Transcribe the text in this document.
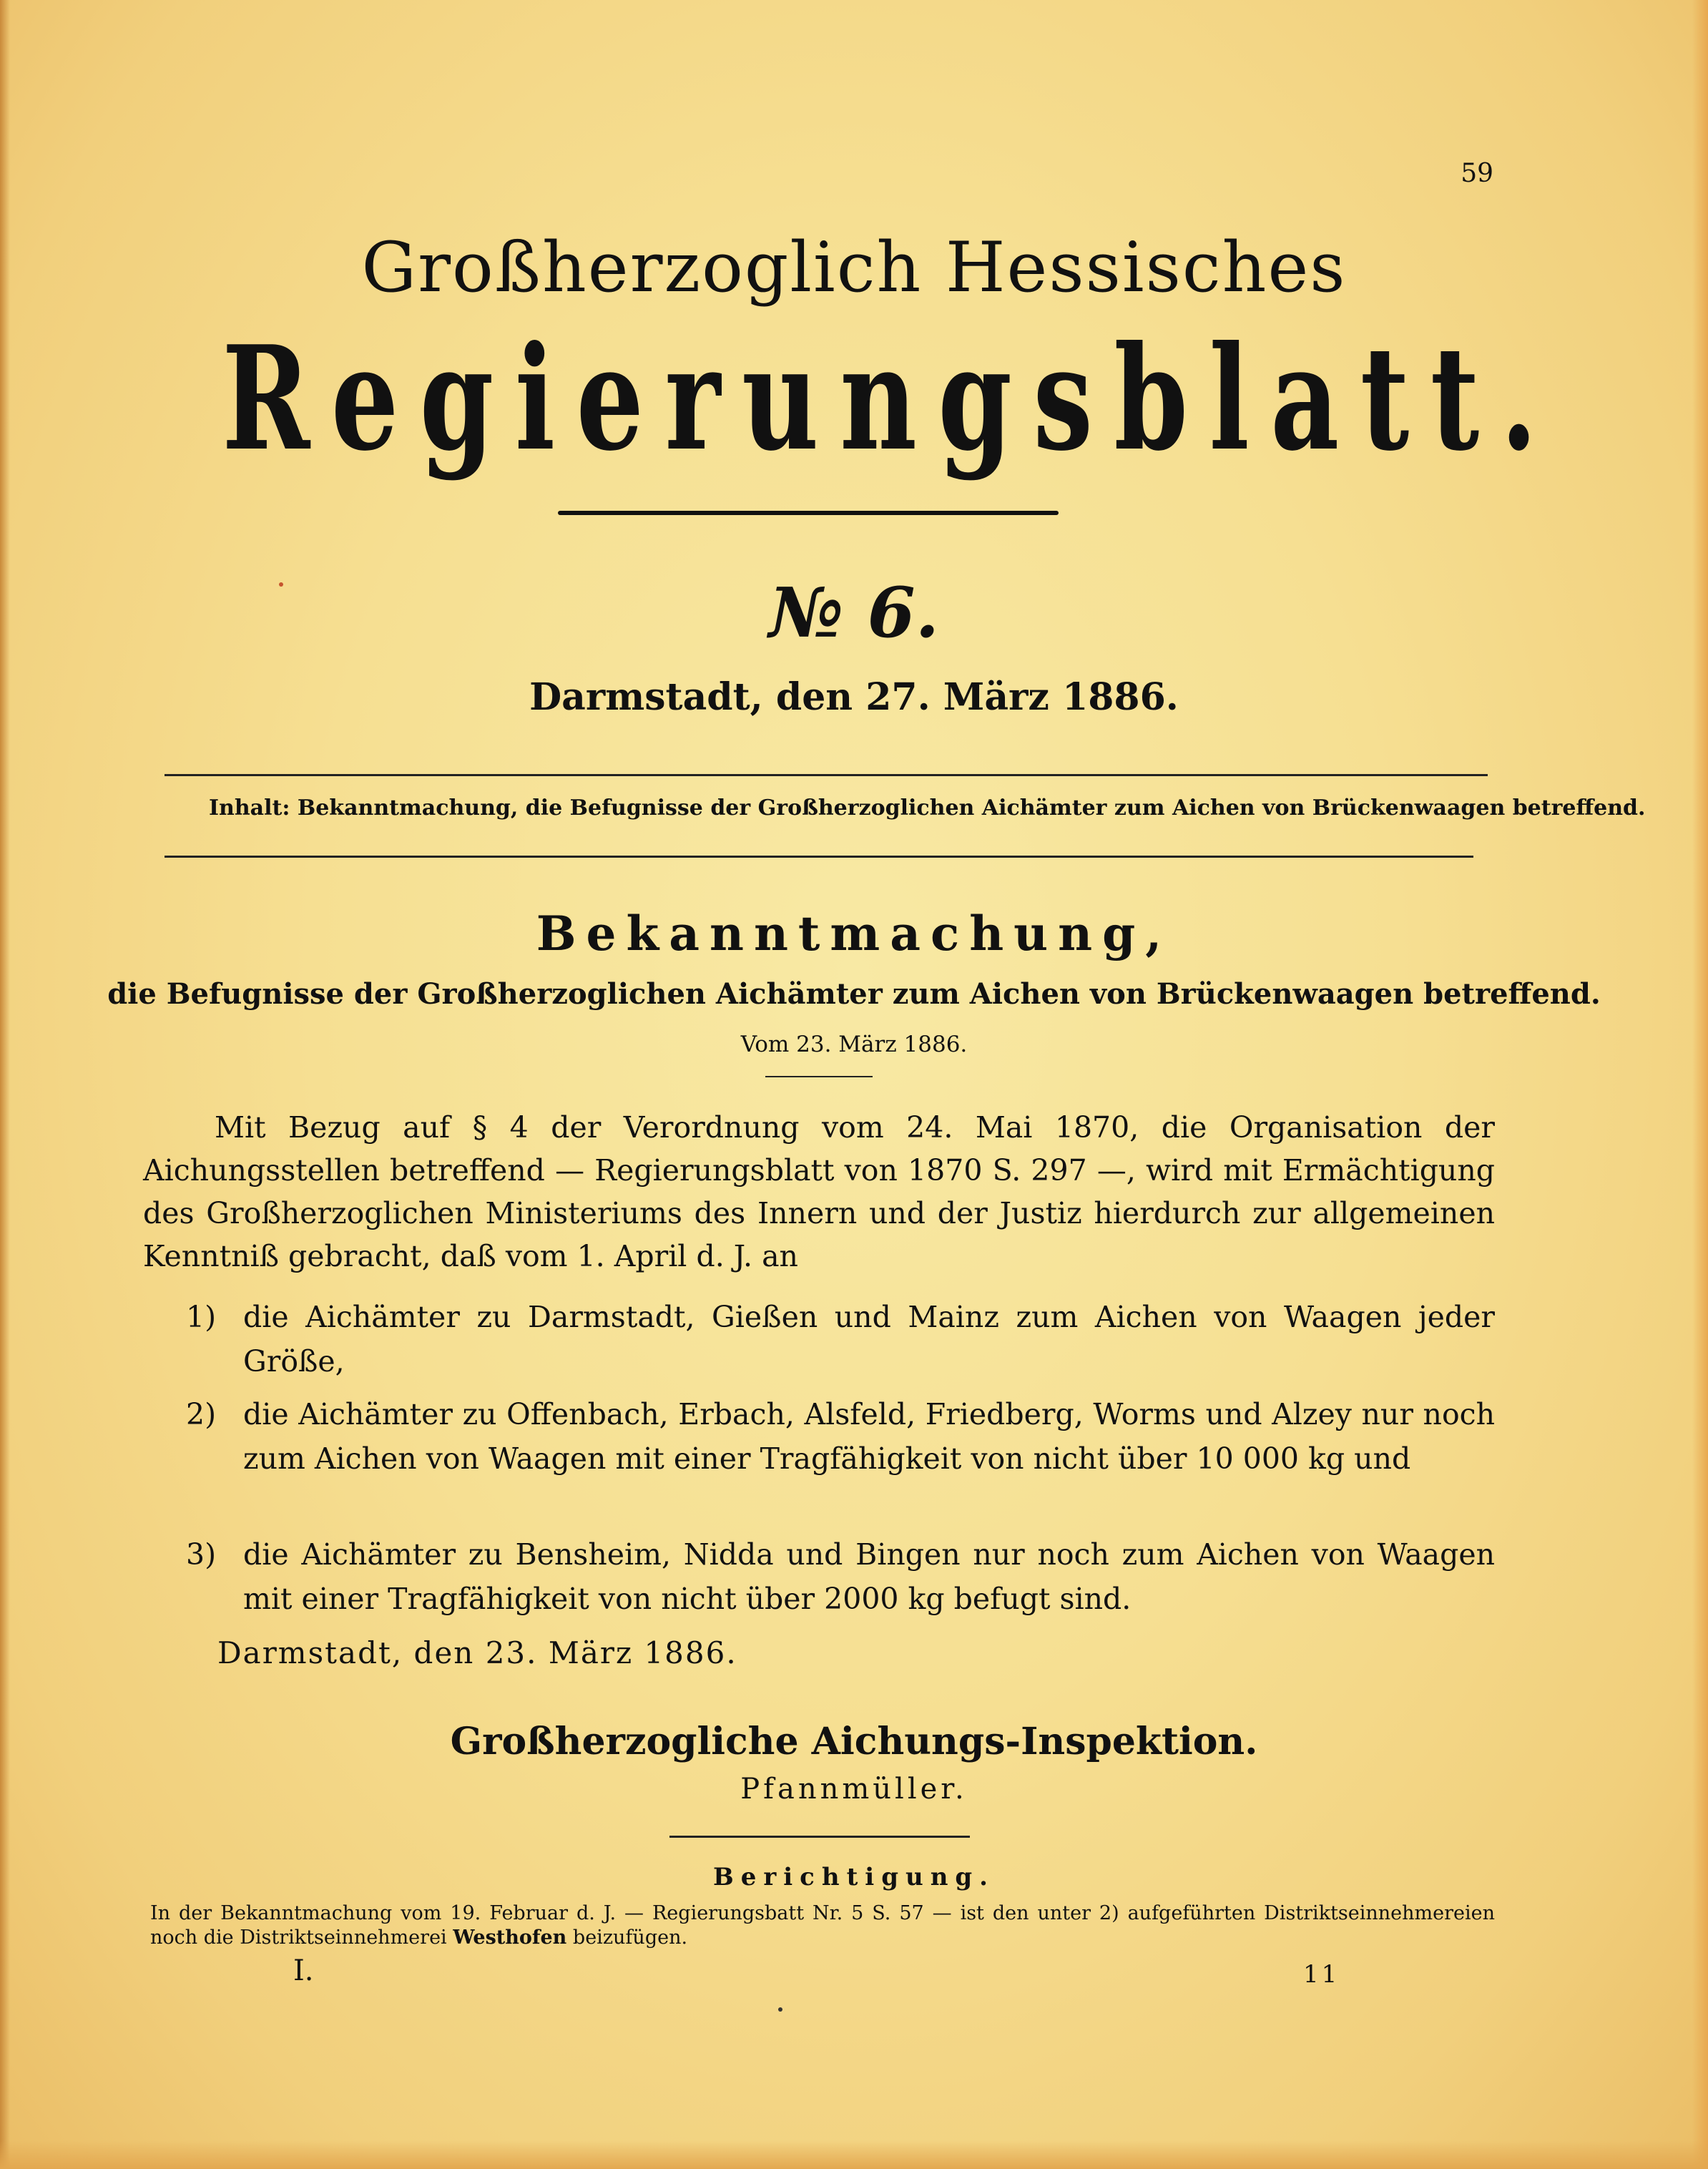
59
Großherzoglich Hessisches
Regierungsblatt.
№ 6.
Darmstadt, den 27. März 1886.
Inhalt: Bekanntmachung, die Befugnisse der Großherzoglichen Aichämter zum Aichen von Brückenwaagen betreffend.
Bekanntmachung,
die Befugnisse der Großherzoglichen Aichämter zum Aichen von Brückenwaagen betreffend.
Vom 23. März 1886.
Mit Bezug auf § 4 der Verordnung vom 24. Mai 1870, die Organisation der Aichungsstellen betreffend — Regierungsblatt von 1870 S. 297 —, wird mit Ermächtigung des Großherzoglichen Ministeriums des Innern und der Justiz hierdurch zur allgemeinen Kenntniß gebracht, daß vom 1. April d. J. an
1) die Aichämter zu Darmstadt, Gießen und Mainz zum Aichen von Waagen jeder Größe,
2) die Aichämter zu Offenbach, Erbach, Alsfeld, Friedberg, Worms und Alzey nur noch zum Aichen von Waagen mit einer Tragfähigkeit von nicht über 10 000 kg und
3) die Aichämter zu Bensheim, Nidda und Bingen nur noch zum Aichen von Waagen mit einer Tragfähigkeit von nicht über 2000 kg befugt sind.
Darmstadt, den 23. März 1886.
Großherzogliche Aichungs-Inspektion.
Pfannmüller.
Berichtigung.
In der Bekanntmachung vom 19. Februar d. J. — Regierungsbatt Nr. 5 S. 57 — ist den unter 2) aufgeführten Distriktseinnehmereien noch die Distriktseinnehmerei Westhofen beizufügen.
I.	11
